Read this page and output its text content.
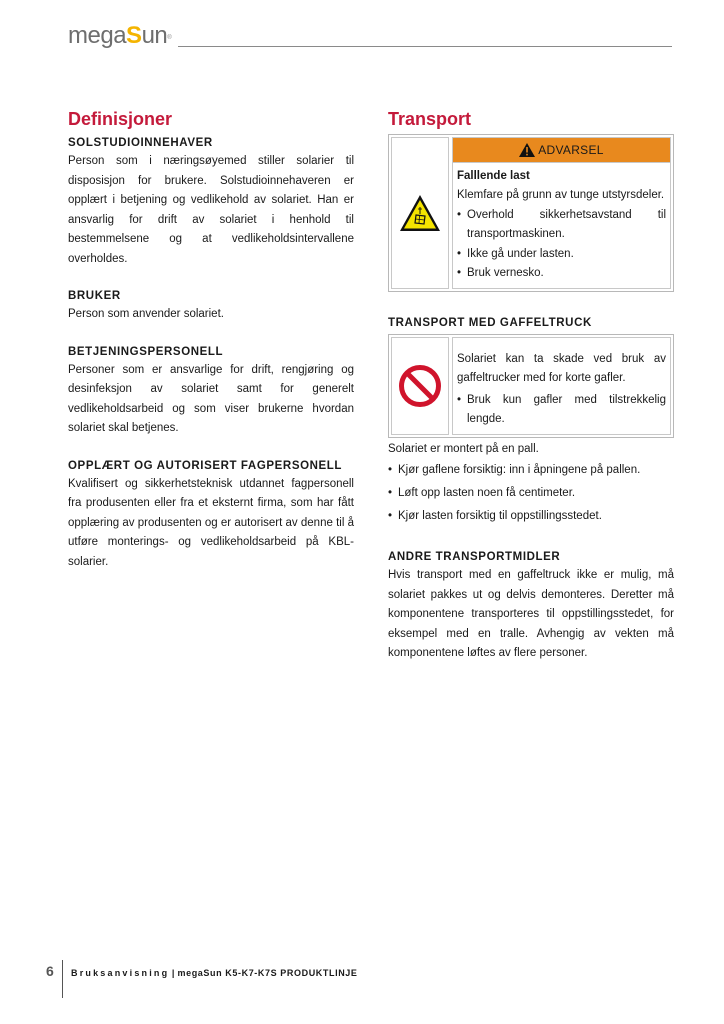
megaSun®
Definisjoner

SOLSTUDIOINNEHAVER

Person som i næringsøyemed stiller solarier til disposisjon for brukere. Solstudioinnehaveren er opplært i betjening og vedlikehold av solariet. Han er ansvarlig for drift av solariet i henhold til bestemmelsene og at vedlikeholdsintervallene overholdes.

BRUKER

Person som anvender solariet.

BETJENINGSPERSONELL

Personer som er ansvarlige for drift, rengjøring og desinfeksjon av solariet samt for generelt vedlikeholdsarbeid og som viser brukerne hvordan solariet skal betjenes.

OPPLÆRT OG AUTORISERT FAGPERSONELL

Kvalifisert og sikkerhetsteknisk utdannet fagpersonell fra produsenten eller fra et eksternt firma, som har fått opplæring av produsenten og er autorisert av denne til å utføre monterings- og vedlikeholdsarbeid på KBL-solarier.

Transport
ADVARSEL
Falllende last
Klemfare på grunn av tunge utstyrsdeler.
• Overhold sikkerhetsavstand til transportmaskinen.
• Ikke gå under lasten.
• Bruk vernesko.

TRANSPORT MED GAFFELTRUCK

Solariet kan ta skade ved bruk av gaffeltrucker med for korte gafler.
• Bruk kun gafler med tilstrekkelig lengde.

Solariet er montert på en pall.

• Kjør gaflene forsiktig: inn i åpningene på pallen.
• Løft opp lasten noen få centimeter.
• Kjør lasten forsiktig til oppstillingsstedet.

ANDRE TRANSPORTMIDLER

Hvis transport med en gaffeltruck ikke er mulig, må solariet pakkes ut og delvis demonteres. Deretter må komponentene transporteres til oppstillingsstedet, for eksempel med en tralle. Avhengig av vekten må komponentene løftes av flere personer.

6	Bruksanvisning | megaSun K5-K7-K7S PRODUKTLINJE
